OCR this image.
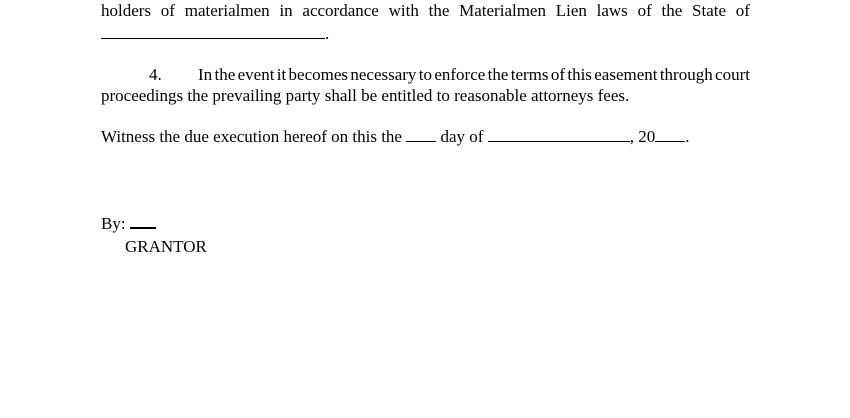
holders of materialmen in accordance with the Materialmen Lien laws of the State of
.
4.	In the event it becomes necessary to enforce the terms of this easement through court
proceedings the prevailing party shall be entitled to reasonable attorneys fees.
Witness the due execution hereof on this the  day of	, 20 .
By:
GRANTOR
